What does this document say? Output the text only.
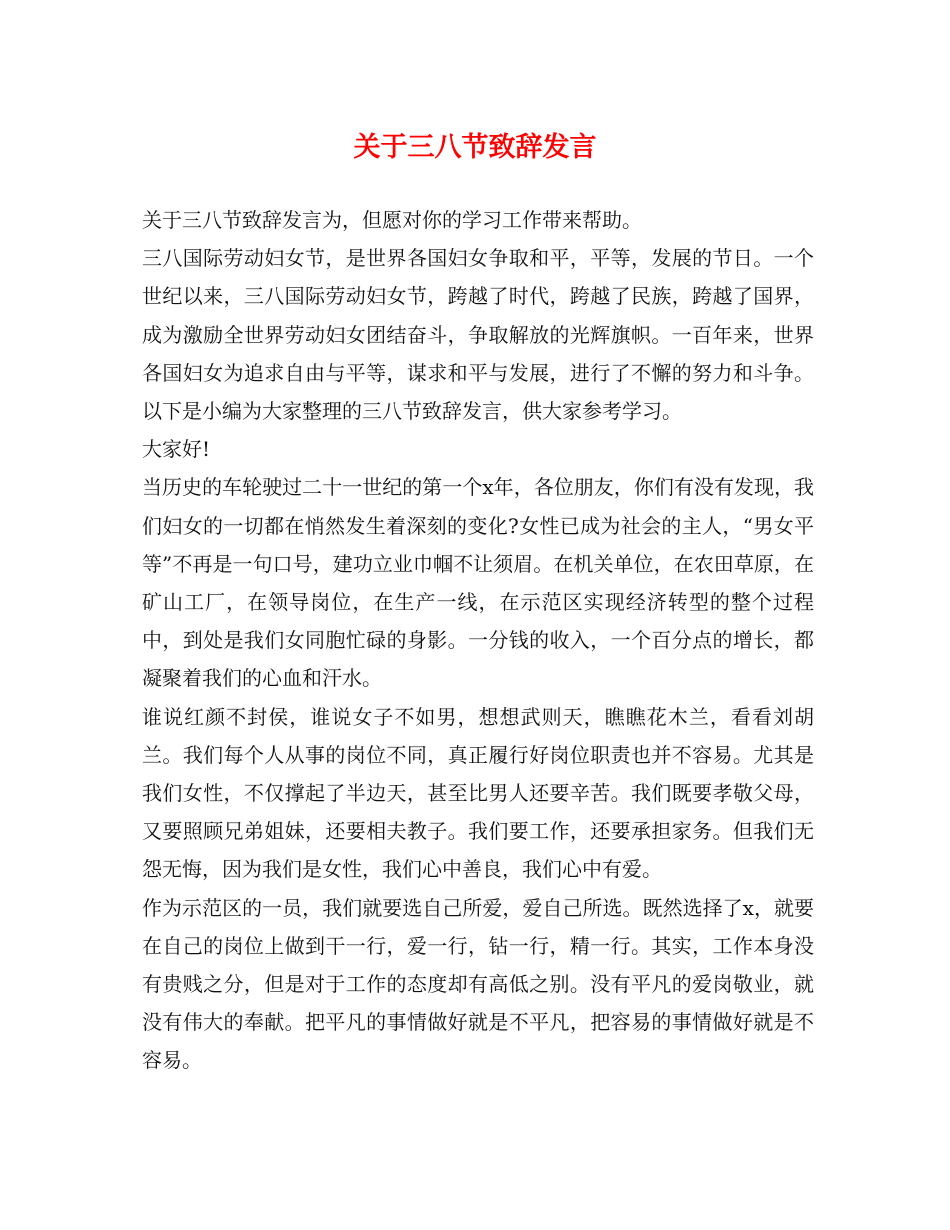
关于三八节致辞发言

关于三八节致辞发言为，但愿对你的学习工作带来帮助。

三八国际劳动妇女节，是世界各国妇女争取和平，平等，发展的节日。一个世纪以来，三八国际劳动妇女节，跨越了时代，跨越了民族，跨越了国界，成为激励全世界劳动妇女团结奋斗，争取解放的光辉旗帜。一百年来，世界各国妇女为追求自由与平等，谋求和平与发展，进行了不懈的努力和斗争。以下是小编为大家整理的三八节致辞发言，供大家参考学习。

大家好!

当历史的车轮驶过二十一世纪的第一个x年，各位朋友，你们有没有发现，我们妇女的一切都在悄然发生着深刻的变化?女性已成为社会的主人，“男女平等”不再是一句口号，建功立业巾帼不让须眉。在机关单位，在农田草原，在矿山工厂，在领导岗位，在生产一线，在示范区实现经济转型的整个过程中，到处是我们女同胞忙碌的身影。一分钱的收入，一个百分点的增长，都凝聚着我们的心血和汗水。

谁说红颜不封侯，谁说女子不如男，想想武则天，瞧瞧花木兰，看看刘胡兰。我们每个人从事的岗位不同，真正履行好岗位职责也并不容易。尤其是我们女性，不仅撑起了半边天，甚至比男人还要辛苦。我们既要孝敬父母，又要照顾兄弟姐妹，还要相夫教子。我们要工作，还要承担家务。但我们无怨无悔，因为我们是女性，我们心中善良，我们心中有爱。

作为示范区的一员，我们就要选自己所爱，爱自己所选。既然选择了x，就要在自己的岗位上做到干一行，爱一行，钻一行，精一行。其实，工作本身没有贵贱之分，但是对于工作的态度却有高低之别。没有平凡的爱岗敬业，就没有伟大的奉献。把平凡的事情做好就是不平凡，把容易的事情做好就是不容易。
